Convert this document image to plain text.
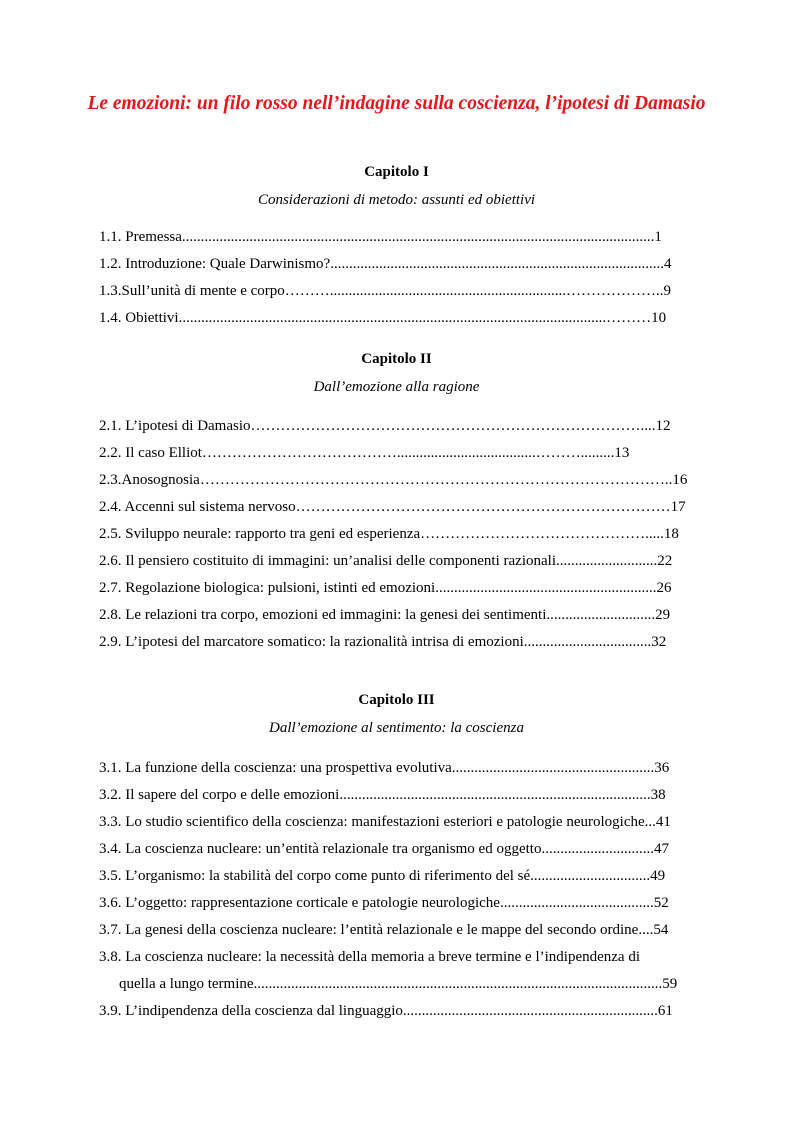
Le emozioni: un filo rosso nell’indagine sulla coscienza, l’ipotesi di Damasio
Capitolo I
Considerazioni di metodo: assunti ed obiettivi
1.1. Premessa..............................................................................................................................1
1.2. Introduzione: Quale Darwinismo?.........................................................................................4
1.3.Sull’unità di mente e corpo………...............................................................………………..9
1.4. Obiettivi..................................................................................................................………10
Capitolo II
Dall’emozione alla ragione
2.1. L’ipotesi di Damasio……………………………………………………………………....12
2.2. Il caso Elliot………………………………….....................................……….........13
2.3.Anosognosia…………………………………………………………………………………..16
2.4. Accenni sul sistema nervoso…………………………………………………………………17
2.5. Sviluppo neurale: rapporto tra geni ed esperienza……………………………………….....18
2.6. Il pensiero costituito di immagini: un’analisi delle componenti razionali...........................22
2.7. Regolazione biologica: pulsioni, istinti ed emozioni...........................................................26
2.8. Le relazioni tra corpo, emozioni ed immagini: la genesi dei sentimenti.............................29
2.9. L’ipotesi del marcatore somatico: la razionalità intrisa di emozioni..................................32
Capitolo III
Dall’emozione al sentimento: la coscienza
3.1. La funzione della coscienza: una prospettiva evolutiva......................................................36
3.2. Il sapere del corpo e delle emozioni...................................................................................38
3.3. Lo studio scientifico della coscienza: manifestazioni esteriori e patologie neurologiche...41
3.4. La coscienza nucleare: un’entità relazionale tra organismo ed oggetto..............................47
3.5. L’organismo: la stabilità del corpo come punto di riferimento del sé................................49
3.6. L’oggetto: rappresentazione corticale e patologie neurologiche.........................................52
3.7. La genesi della coscienza nucleare: l’entità relazionale e le mappe del secondo ordine....54
3.8. La coscienza nucleare: la necessità della memoria a breve termine e l’indipendenza di
quella a lungo termine.............................................................................................................59
3.9. L’indipendenza della coscienza dal linguaggio....................................................................61
